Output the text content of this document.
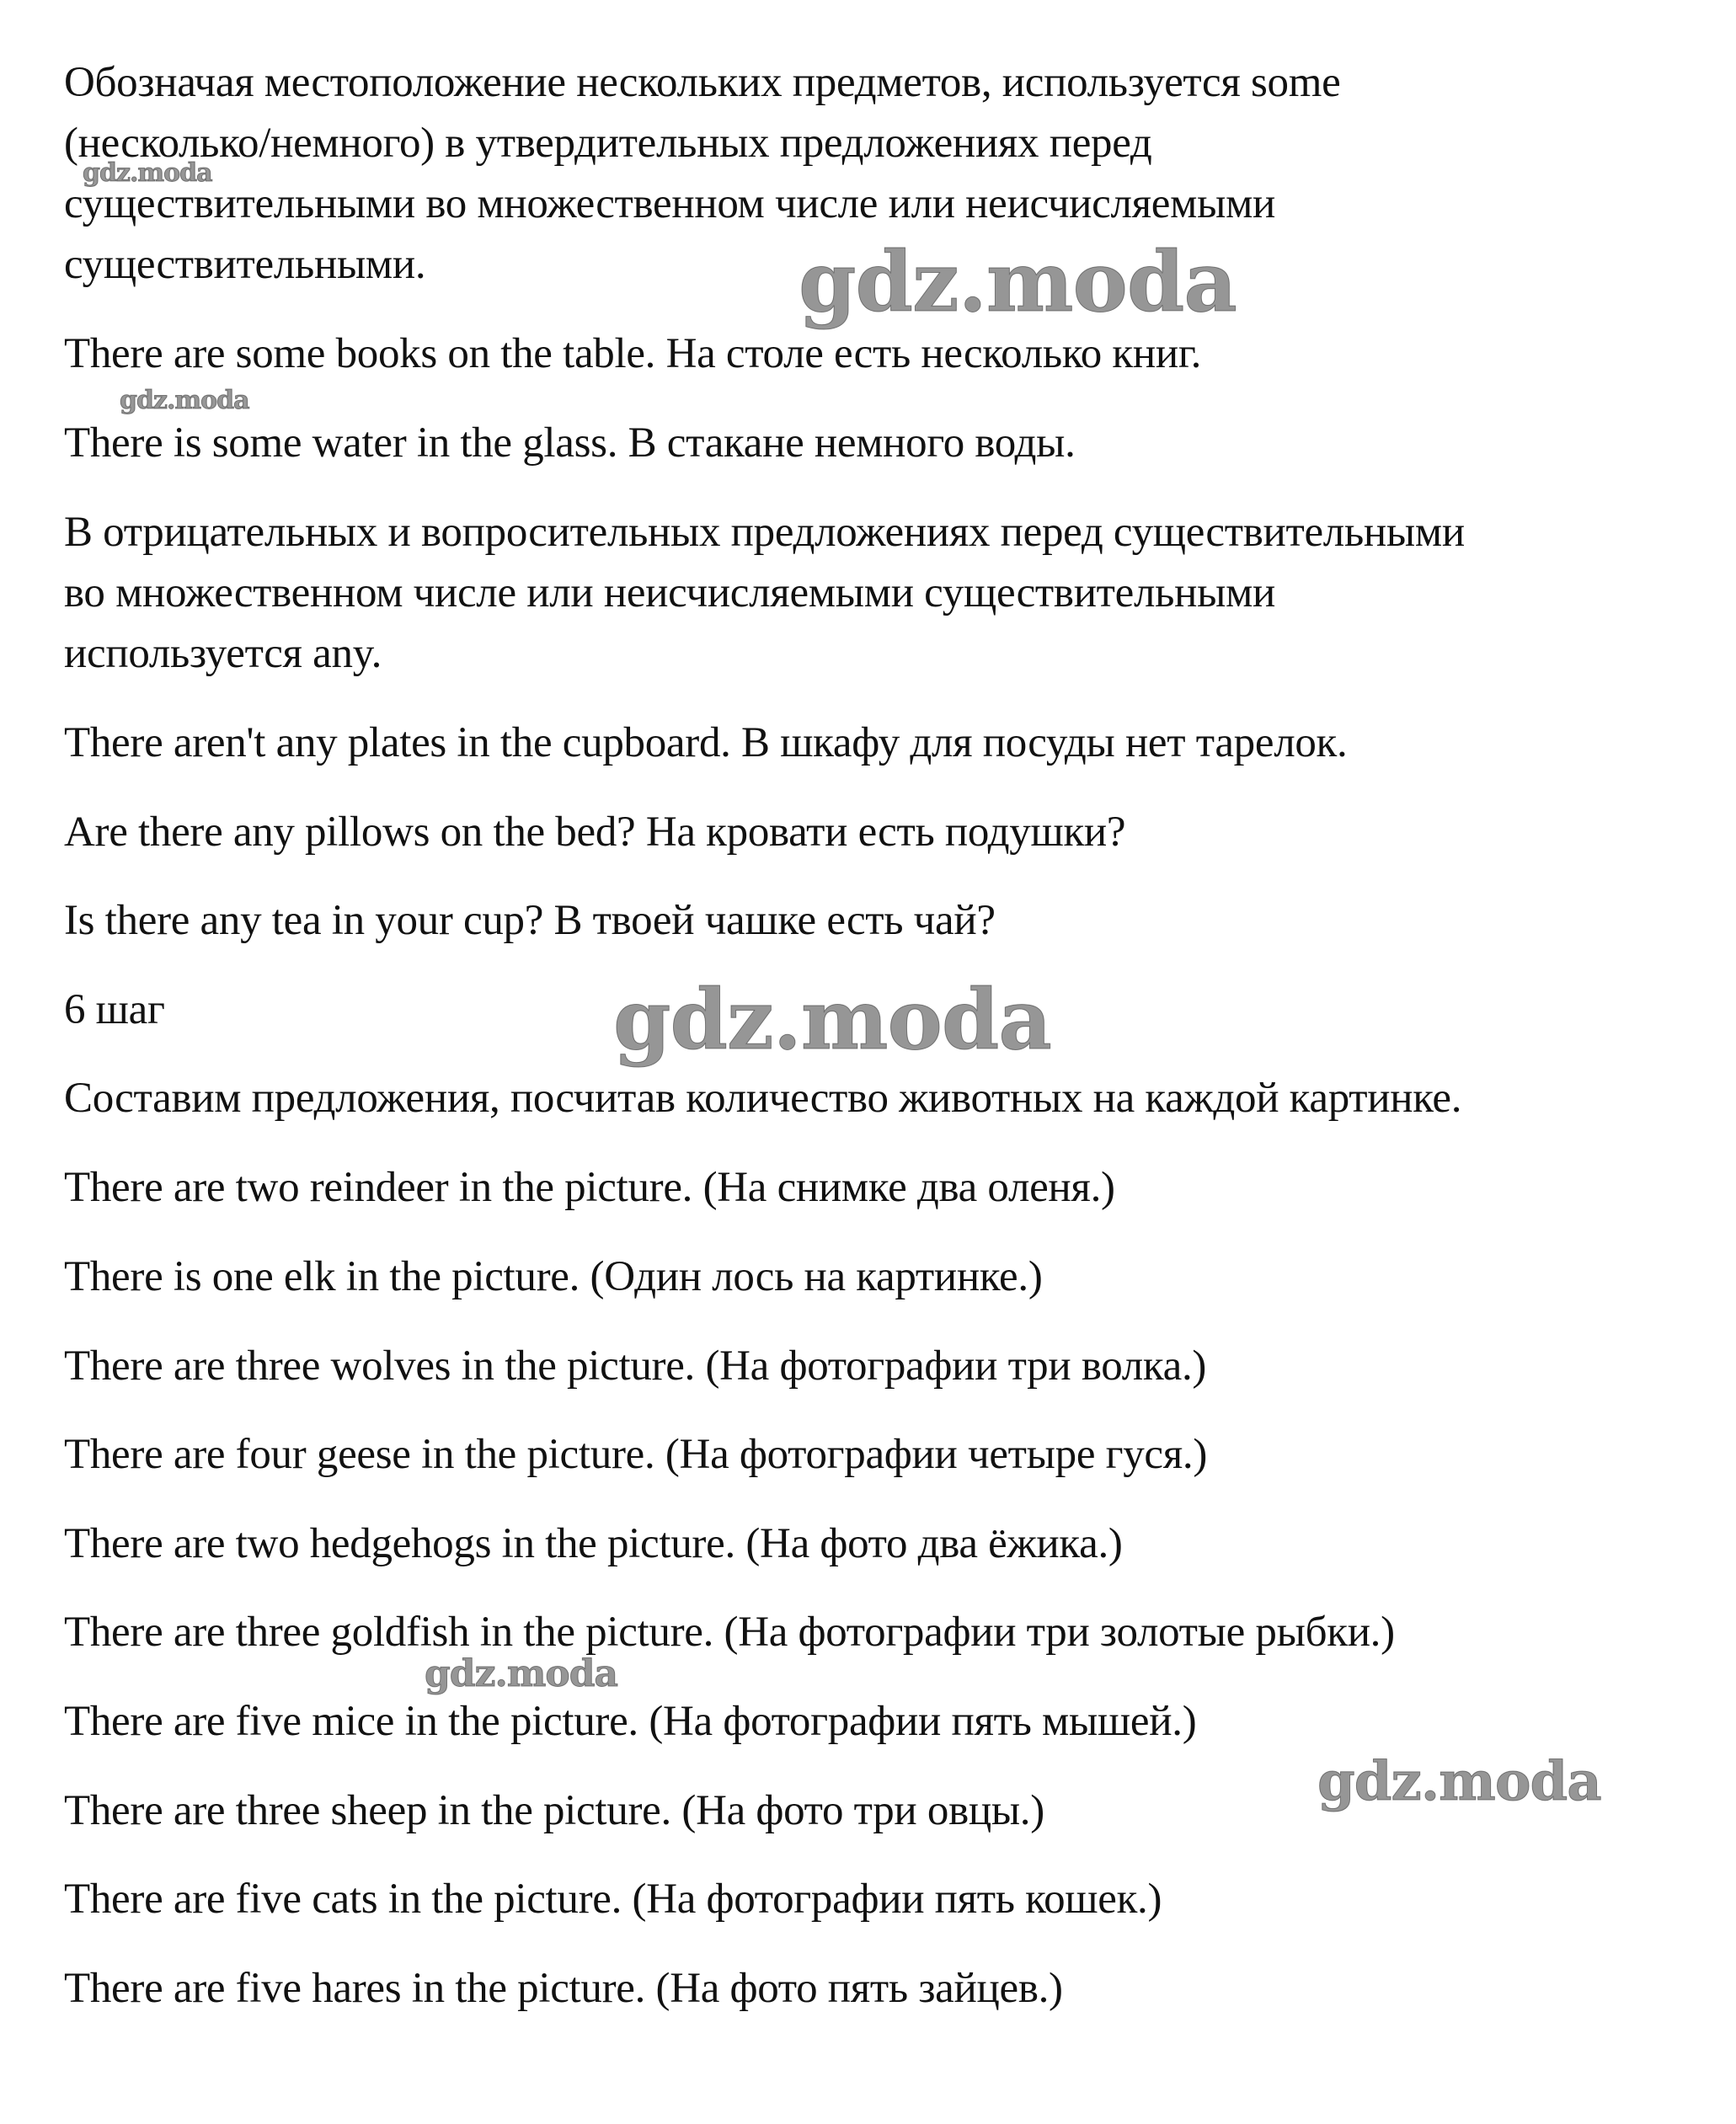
Обозначая местоположение нескольких предметов, используется some

(несколько/немного) в утвердительных предложениях перед

существительными во множественном числе или неисчисляемыми

существительными.

There are some books on the table. На столе есть несколько книг.

There is some water in the glass. В стакане немного воды.

В отрицательных и вопросительных предложениях перед существительными

во множественном числе или неисчисляемыми существительными

используется any.

There aren't any plates in the cupboard. В шкафу для посуды нет тарелок.

Are there any pillows on the bed? На кровати есть подушки?

Is there any tea in your cup? В твоей чашке есть чай?

6 шаг

Составим предложения, посчитав количество животных на каждой картинке.

There are two reindeer in the picture. (На снимке два оленя.)

There is one elk in the picture. (Один лось на картинке.)

There are three wolves in the picture. (На фотографии три волка.)

There are four geese in the picture. (На фотографии четыре гуся.)

There are two hedgehogs in the picture. (На фото два ёжика.)

There are three goldfish in the picture. (На фотографии три золотые рыбки.)

There are five mice in the picture. (На фотографии пять мышей.)

There are three sheep in the picture. (На фото три овцы.)

There are five cats in the picture. (На фотографии пять кошек.)

There are five hares in the picture. (На фото пять зайцев.)

gdz.moda

gdz.moda

gdz.moda

gdz.moda

gdz.moda

gdz.moda
